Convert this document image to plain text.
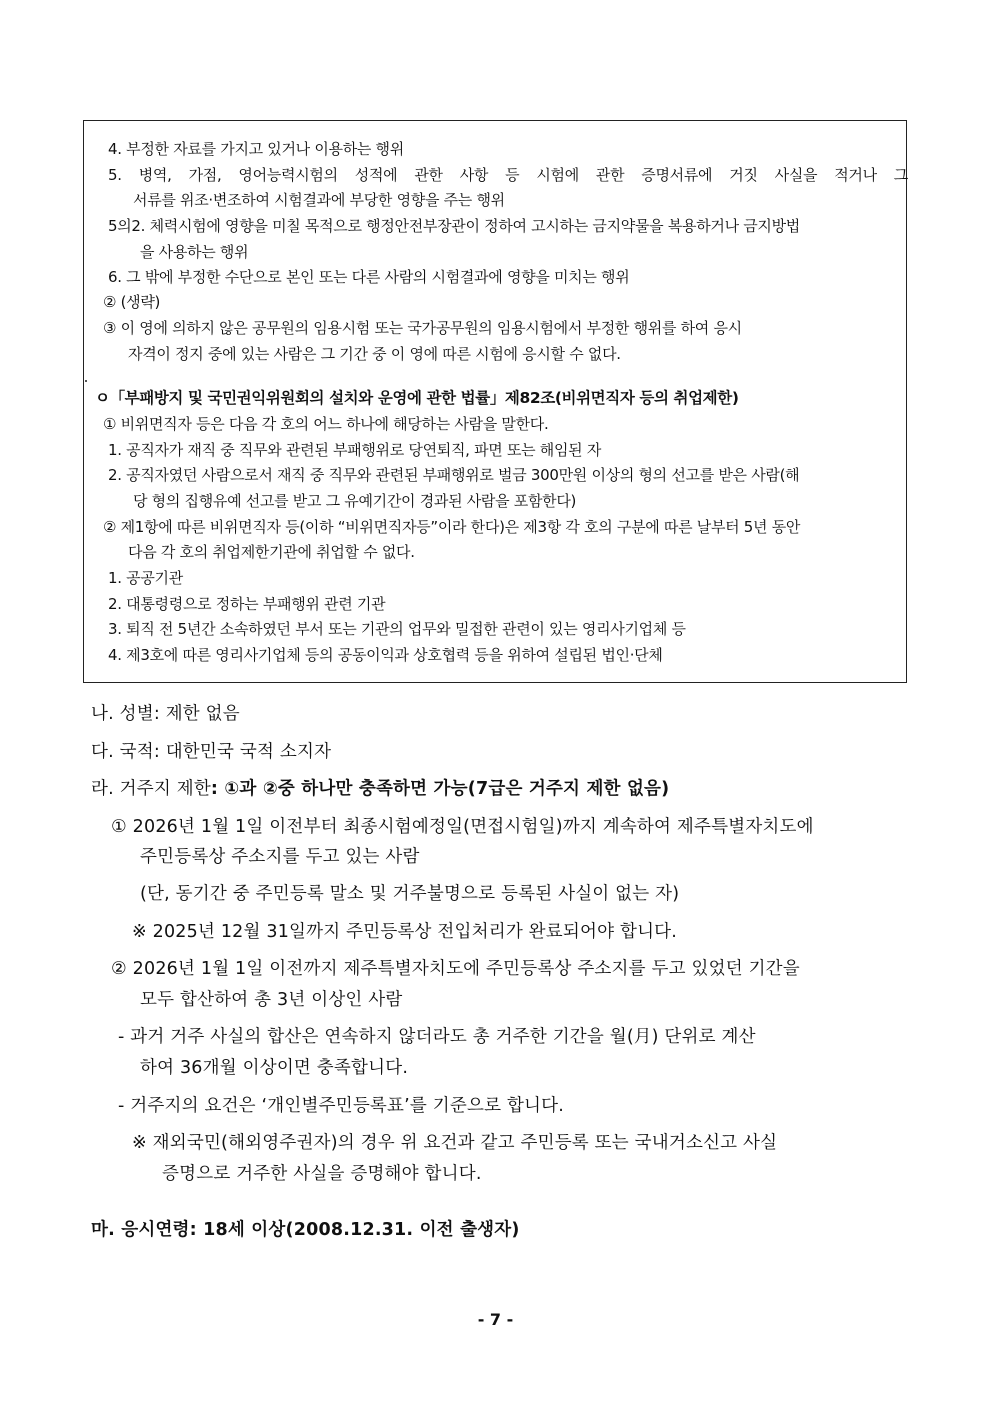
4. 부정한 자료를 가지고 있거나 이용하는 행위
5. 병역, 가점, 영어능력시험의 성적에 관한 사항 등 시험에 관한 증명서류에 거짓 사실을 적거나 그
서류를 위조·변조하여 시험결과에 부당한 영향을 주는 행위
5의2. 체력시험에 영향을 미칠 목적으로 행정안전부장관이 정하여 고시하는 금지약물을 복용하거나 금지방법
을 사용하는 행위
6. 그 밖에 부정한 수단으로 본인 또는 다른 사람의 시험결과에 영향을 미치는 행위
② (생략)
③ 이 영에 의하지 않은 공무원의 임용시험 또는 국가공무원의 임용시험에서 부정한 행위를 하여 응시
자격이 정지 중에 있는 사람은 그 기간 중 이 영에 따른 시험에 응시할 수 없다.
ㅇ「부패방지 및 국민권익위원회의 설치와 운영에 관한 법률」제82조(비위면직자 등의 취업제한)
① 비위면직자 등은 다음 각 호의 어느 하나에 해당하는 사람을 말한다.
1. 공직자가 재직 중 직무와 관련된 부패행위로 당연퇴직, 파면 또는 해임된 자
2. 공직자였던 사람으로서 재직 중 직무와 관련된 부패행위로 벌금 300만원 이상의 형의 선고를 받은 사람(해
당 형의 집행유예 선고를 받고 그 유예기간이 경과된 사람을 포함한다)
② 제1항에 따른 비위면직자 등(이하 “비위면직자등”이라 한다)은 제3항 각 호의 구분에 따른 날부터 5년 동안
다음 각 호의 취업제한기관에 취업할 수 없다.
1. 공공기관
2. 대통령령으로 정하는 부패행위 관련 기관
3. 퇴직 전 5년간 소속하였던 부서 또는 기관의 업무와 밀접한 관련이 있는 영리사기업체 등
4. 제3호에 따른 영리사기업체 등의 공동이익과 상호협력 등을 위하여 설립된 법인·단체
나. 성별: 제한 없음
다. 국적: 대한민국 국적 소지자
라. 거주지 제한: ①과 ②중 하나만 충족하면 가능(7급은 거주지 제한 없음)
① 2026년 1월 1일 이전부터 최종시험예정일(면접시험일)까지 계속하여 제주특별자치도에
주민등록상 주소지를 두고 있는 사람
(단, 동기간 중 주민등록 말소 및 거주불명으로 등록된 사실이 없는 자)
※ 2025년 12월 31일까지 주민등록상 전입처리가 완료되어야 합니다.
② 2026년 1월 1일 이전까지 제주특별자치도에 주민등록상 주소지를 두고 있었던 기간을
모두 합산하여 총 3년 이상인 사람
- 과거 거주 사실의 합산은 연속하지 않더라도 총 거주한 기간을 월(月) 단위로 계산
하여 36개월 이상이면 충족합니다.
- 거주지의 요건은 ‘개인별주민등록표’를 기준으로 합니다.
※ 재외국민(해외영주권자)의 경우 위 요건과 같고 주민등록 또는 국내거소신고 사실
증명으로 거주한 사실을 증명해야 합니다.
마. 응시연령: 18세 이상(2008.12.31. 이전 출생자)
- 7 -
